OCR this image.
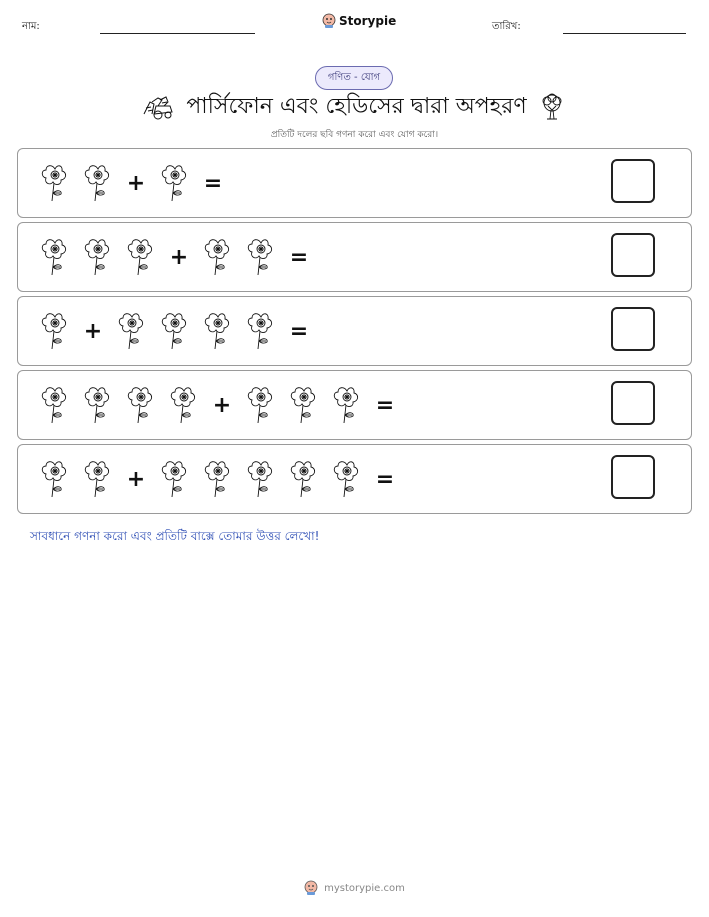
নাম:	Storypie	তারিখ:
গণিত - যোগ
পার্সিফোন এবং হেডিসের দ্বারা অপহরণ
প্রতিটি দলের ছবি গণনা করো এবং যোগ করো।
+	=
+	=
+	=
+	=
+	=
সাবধানে গণনা করো এবং প্রতিটি বাক্সে তোমার উত্তর লেখো!
mystorypie.com
